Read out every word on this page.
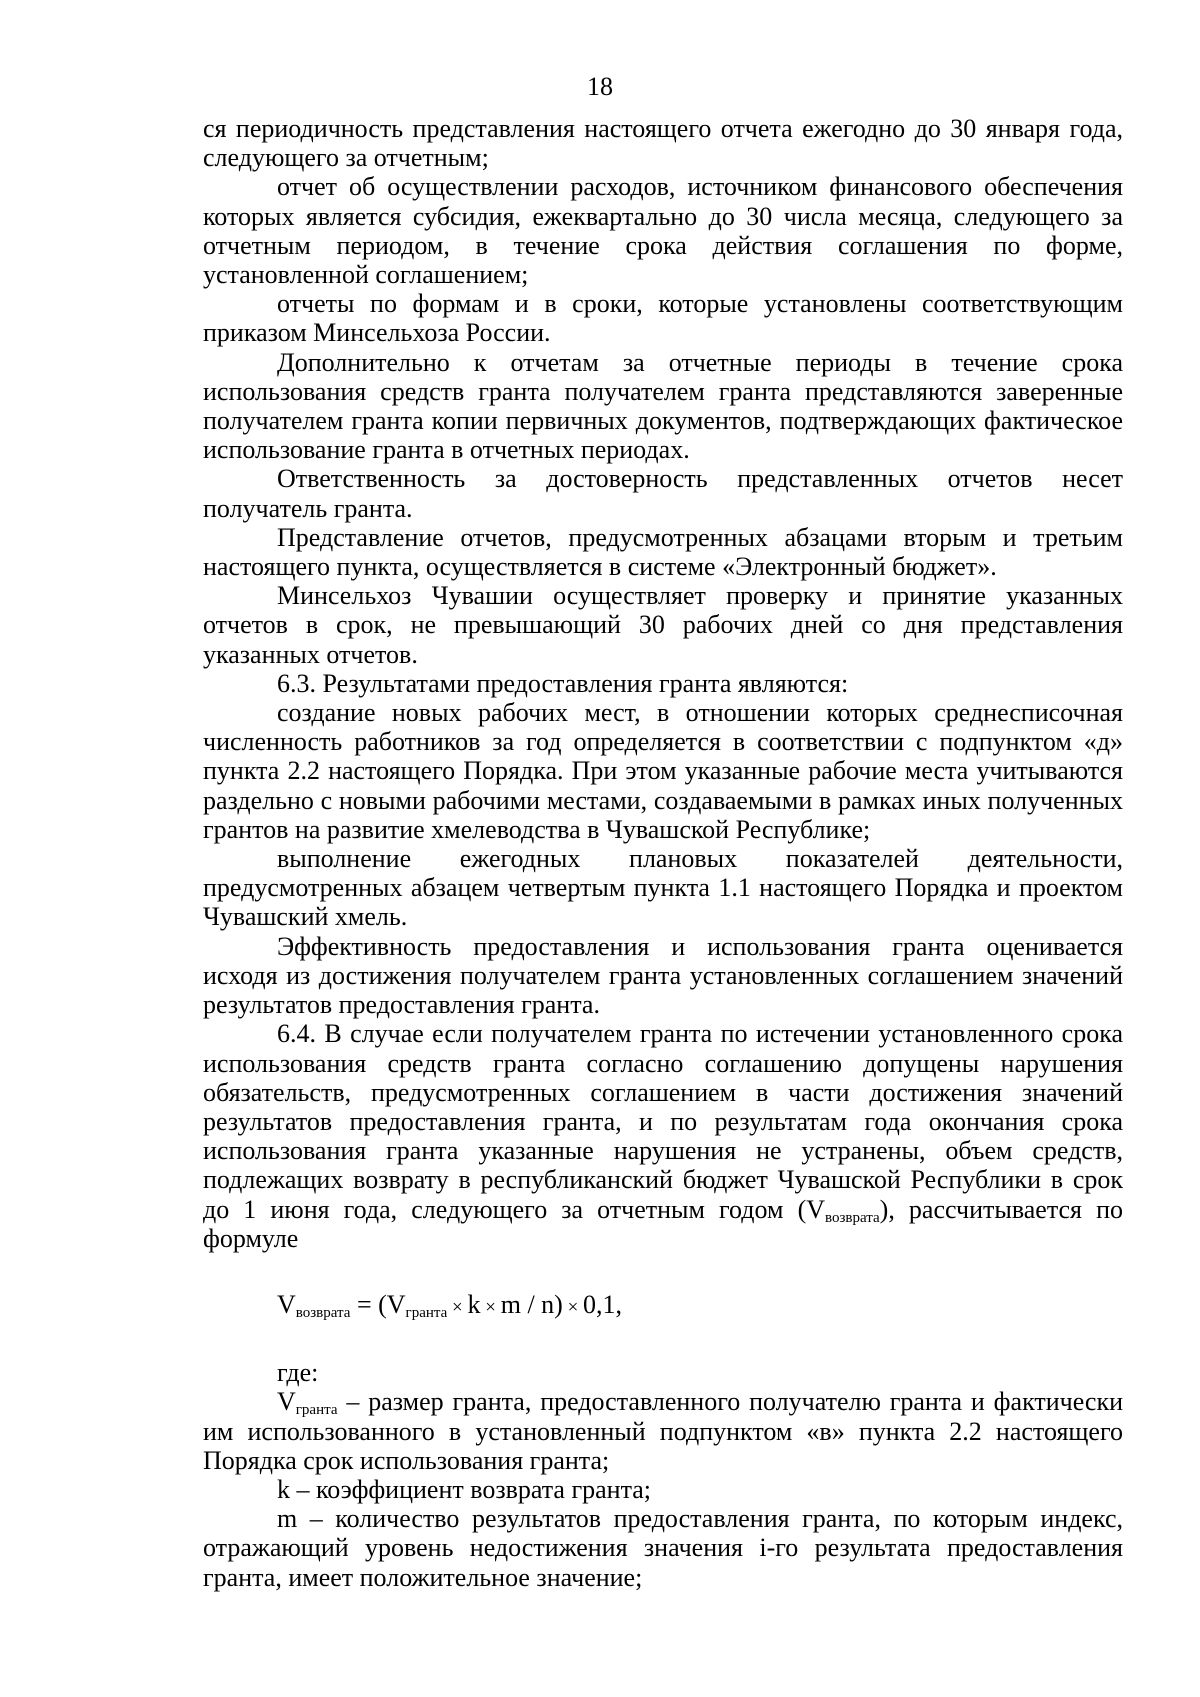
18

ся периодичность представления настоящего отчета ежегодно до 30 января года, следующего за отчетным;

отчет об осуществлении расходов, источником финансового обеспечения которых является субсидия, ежеквартально до 30 числа месяца, следующего за отчетным периодом, в течение срока действия соглашения по форме, установленной соглашением;

отчеты по формам и в сроки, которые установлены соответствующим приказом Минсельхоза России.

Дополнительно к отчетам за отчетные периоды в течение срока использования средств гранта получателем гранта представляются заверенные получателем гранта копии первичных документов, подтверждающих фактическое использование гранта в отчетных периодах.

Ответственность за достоверность представленных отчетов несет получатель гранта.

Представление отчетов, предусмотренных абзацами вторым и третьим настоящего пункта, осуществляется в системе «Электронный бюджет».

Минсельхоз Чувашии осуществляет проверку и принятие указанных отчетов в срок, не превышающий 30 рабочих дней со дня представления указанных отчетов.

6.3. Результатами предоставления гранта являются:

создание новых рабочих мест, в отношении которых среднесписочная численность работников за год определяется в соответствии с подпунктом «д» пункта 2.2 настоящего Порядка. При этом указанные рабочие места учитываются раздельно с новыми рабочими местами, создаваемыми в рамках иных полученных грантов на развитие хмелеводства в Чувашской Республике;

выполнение ежегодных плановых показателей деятельности, предусмотренных абзацем четвертым пункта 1.1 настоящего Порядка и проектом Чувашский хмель.

Эффективность предоставления и использования гранта оценивается исходя из достижения получателем гранта установленных соглашением значений результатов предоставления гранта.

6.4. В случае если получателем гранта по истечении установленного срока использования средств гранта согласно соглашению допущены нарушения обязательств, предусмотренных соглашением в части достижения значений результатов предоставления гранта, и по результатам года окончания срока использования гранта указанные нарушения не устранены, объем средств, подлежащих возврату в республиканский бюджет Чувашской Республики в срок до 1 июня года, следующего за отчетным годом $(V_{возврата})$, рассчитывается по формуле

$V_{возврата} = (V_{гранта} \times k \times m / n) \times 0,1$,

где:

$V_{гранта}$ – размер гранта, предоставленного получателю гранта и фактически им использованного в установленный подпунктом «в» пункта 2.2 настоящего Порядка срок использования гранта;

k – коэффициент возврата гранта;

m – количество результатов предоставления гранта, по которым индекс, отражающий уровень недостижения значения i-го результата предоставления гранта, имеет положительное значение;
